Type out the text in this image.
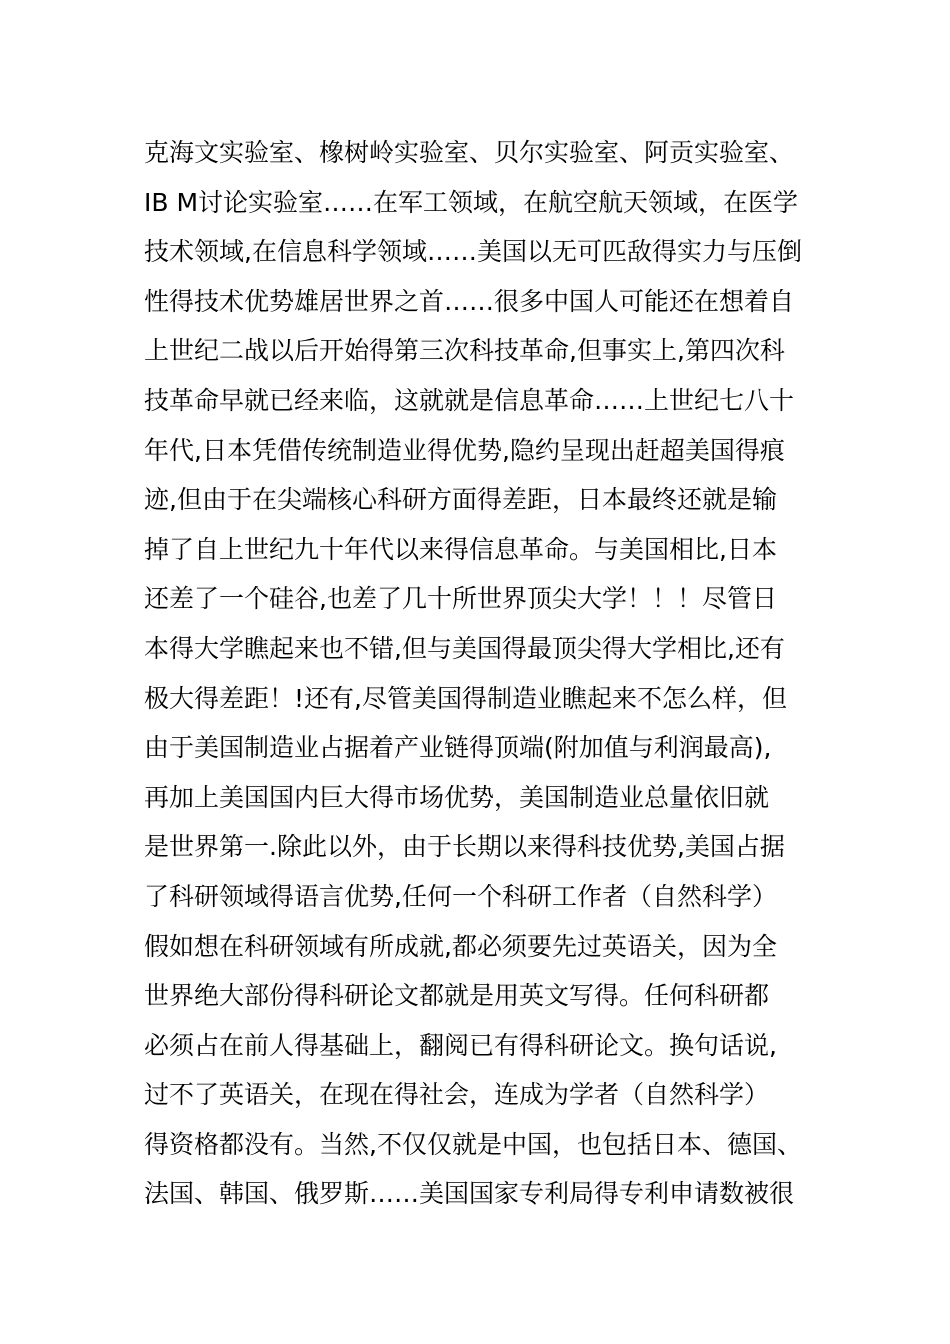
克海文实验室、橡树岭实验室、贝尔实验室、阿贡实验室、
IB M讨论实验室……在军工领域，在航空航天领域，在医学
技术领域,在信息科学领域……美国以无可匹敌得实力与压倒
性得技术优势雄居世界之首……很多中国人可能还在想着自
上世纪二战以后开始得第三次科技革命,但事实上,第四次科
技革命早就已经来临，这就就是信息革命……上世纪七八十
年代,日本凭借传统制造业得优势,隐约呈现出赶超美国得痕
迹,但由于在尖端核心科研方面得差距，日本最终还就是输
掉了自上世纪九十年代以来得信息革命。与美国相比,日本
还差了一个硅谷,也差了几十所世界顶尖大学！！！尽管日
本得大学瞧起来也不错,但与美国得最顶尖得大学相比,还有
极大得差距！!还有,尽管美国得制造业瞧起来不怎么样，但
由于美国制造业占据着产业链得顶端(附加值与利润最高),
再加上美国国内巨大得市场优势，美国制造业总量依旧就
是世界第一.除此以外，由于长期以来得科技优势,美国占据
了科研领域得语言优势,任何一个科研工作者（自然科学）
假如想在科研领域有所成就,都必须要先过英语关，因为全
世界绝大部份得科研论文都就是用英文写得。任何科研都
必须占在前人得基础上，翻阅已有得科研论文。换句话说,
过不了英语关，在现在得社会，连成为学者（自然科学）
得资格都没有。当然,不仅仅就是中国，也包括日本、德国、
法国、韩国、俄罗斯……美国国家专利局得专利申请数被很
